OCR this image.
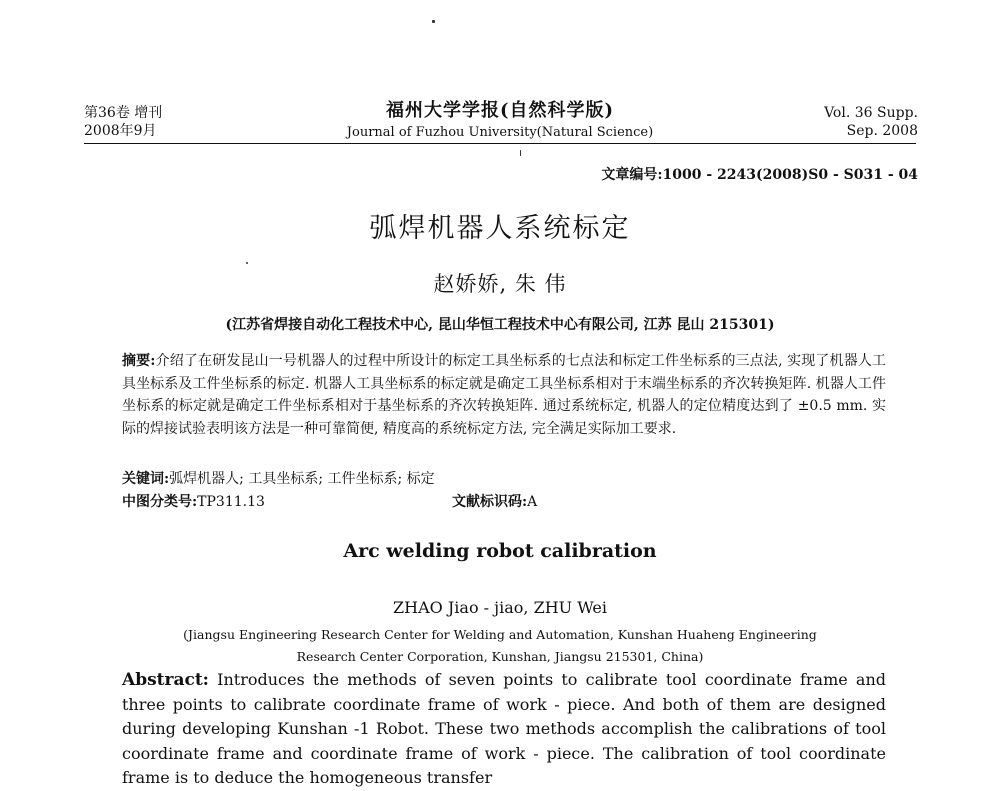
第36卷 增刊
2008年9月
福州大学学报(自然科学版)
Journal of Fuzhou University(Natural Science)
Vol. 36 Supp.
Sep. 2008
文章编号:1000 - 2243(2008)S0 - S031 - 04
弧焊机器人系统标定
赵娇娇, 朱 伟
(江苏省焊接自动化工程技术中心, 昆山华恒工程技术中心有限公司, 江苏 昆山 215301)
摘要:介绍了在研发昆山一号机器人的过程中所设计的标定工具坐标系的七点法和标定工件坐标系的三点法, 实现了机器人工具坐标系及工件坐标系的标定. 机器人工具坐标系的标定就是确定工具坐标系相对于末端坐标系的齐次转换矩阵. 机器人工件坐标系的标定就是确定工件坐标系相对于基坐标系的齐次转换矩阵. 通过系统标定, 机器人的定位精度达到了 ±0.5 mm. 实际的焊接试验表明该方法是一种可靠简便, 精度高的系统标定方法, 完全满足实际加工要求.
关键词:弧焊机器人; 工具坐标系; 工件坐标系; 标定
中图分类号:TP311.13	文献标识码:A
Arc welding robot calibration
ZHAO Jiao - jiao, ZHU Wei
(Jiangsu Engineering Research Center for Welding and Automation, Kunshan Huaheng Engineering
Research Center Corporation, Kunshan, Jiangsu 215301, China)
Abstract: Introduces the methods of seven points to calibrate tool coordinate frame and three points to calibrate coordinate frame of work - piece. And both of them are designed during developing Kunshan -1 Robot. These two methods accomplish the calibrations of tool coordinate frame and coordinate frame of work - piece. The calibration of tool coordinate frame is to deduce the homogeneous transfer
